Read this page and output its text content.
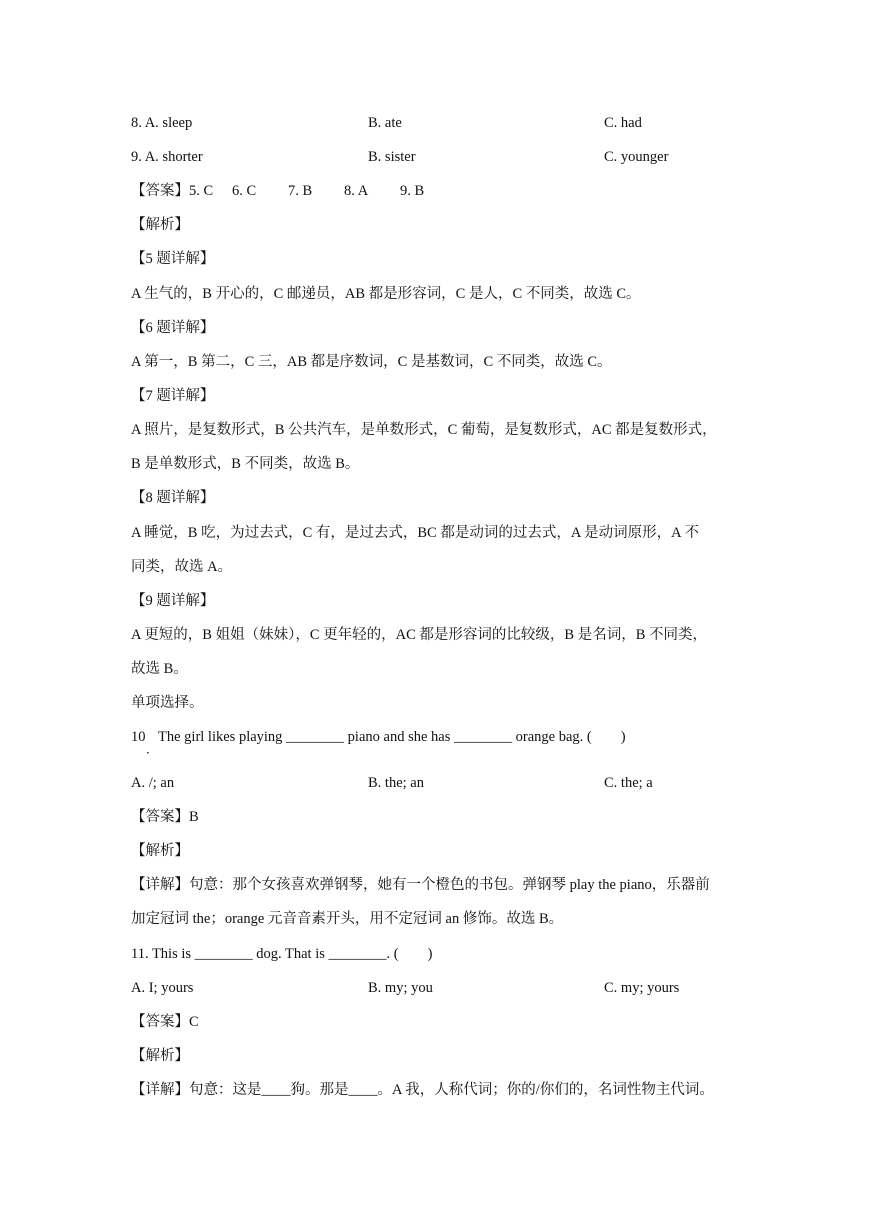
8. A. sleep	B. ate	C. had
9. A. shorter	B. sister	C. younger
【答案】5. C 6. C 7. B 8. A 9. B
【解析】
【5 题详解】
A 生气的，B 开心的，C 邮递员，AB 都是形容词，C 是人，C 不同类，故选 C。
【6 题详解】
A 第一，B 第二，C 三，AB 都是序数词，C 是基数词，C 不同类，故选 C。
【7 题详解】
A 照片，是复数形式，B 公共汽车，是单数形式，C 葡萄，是复数形式，AC 都是复数形式，
B 是单数形式，B 不同类，故选 B。
【8 题详解】
A 睡觉，B 吃，为过去式，C 有，是过去式，BC 都是动词的过去式，A 是动词原形，A 不
同类，故选 A。
【9 题详解】
A 更短的，B 姐姐（妹妹），C 更年轻的，AC 都是形容词的比较级，B 是名词，B 不同类，
故选 B。
单项选择。
10
．
The girl likes playing ________ piano and she has ________ orange bag. (　　)
A. /; an	B. the; an	C. the; a
【答案】B
【解析】
【详解】句意：那个女孩喜欢弹钢琴，她有一个橙色的书包。弹钢琴 play the piano，乐器前
加定冠词 the；orange 元音音素开头，用不定冠词 an 修饰。故选 B。
11. This is ________ dog. That is ________. (　　)
A. I; yours	B. my; you	C. my; yours
【答案】C
【解析】
【详解】句意：这是____狗。那是____。A 我，人称代词；你的/你们的，名词性物主代词。
